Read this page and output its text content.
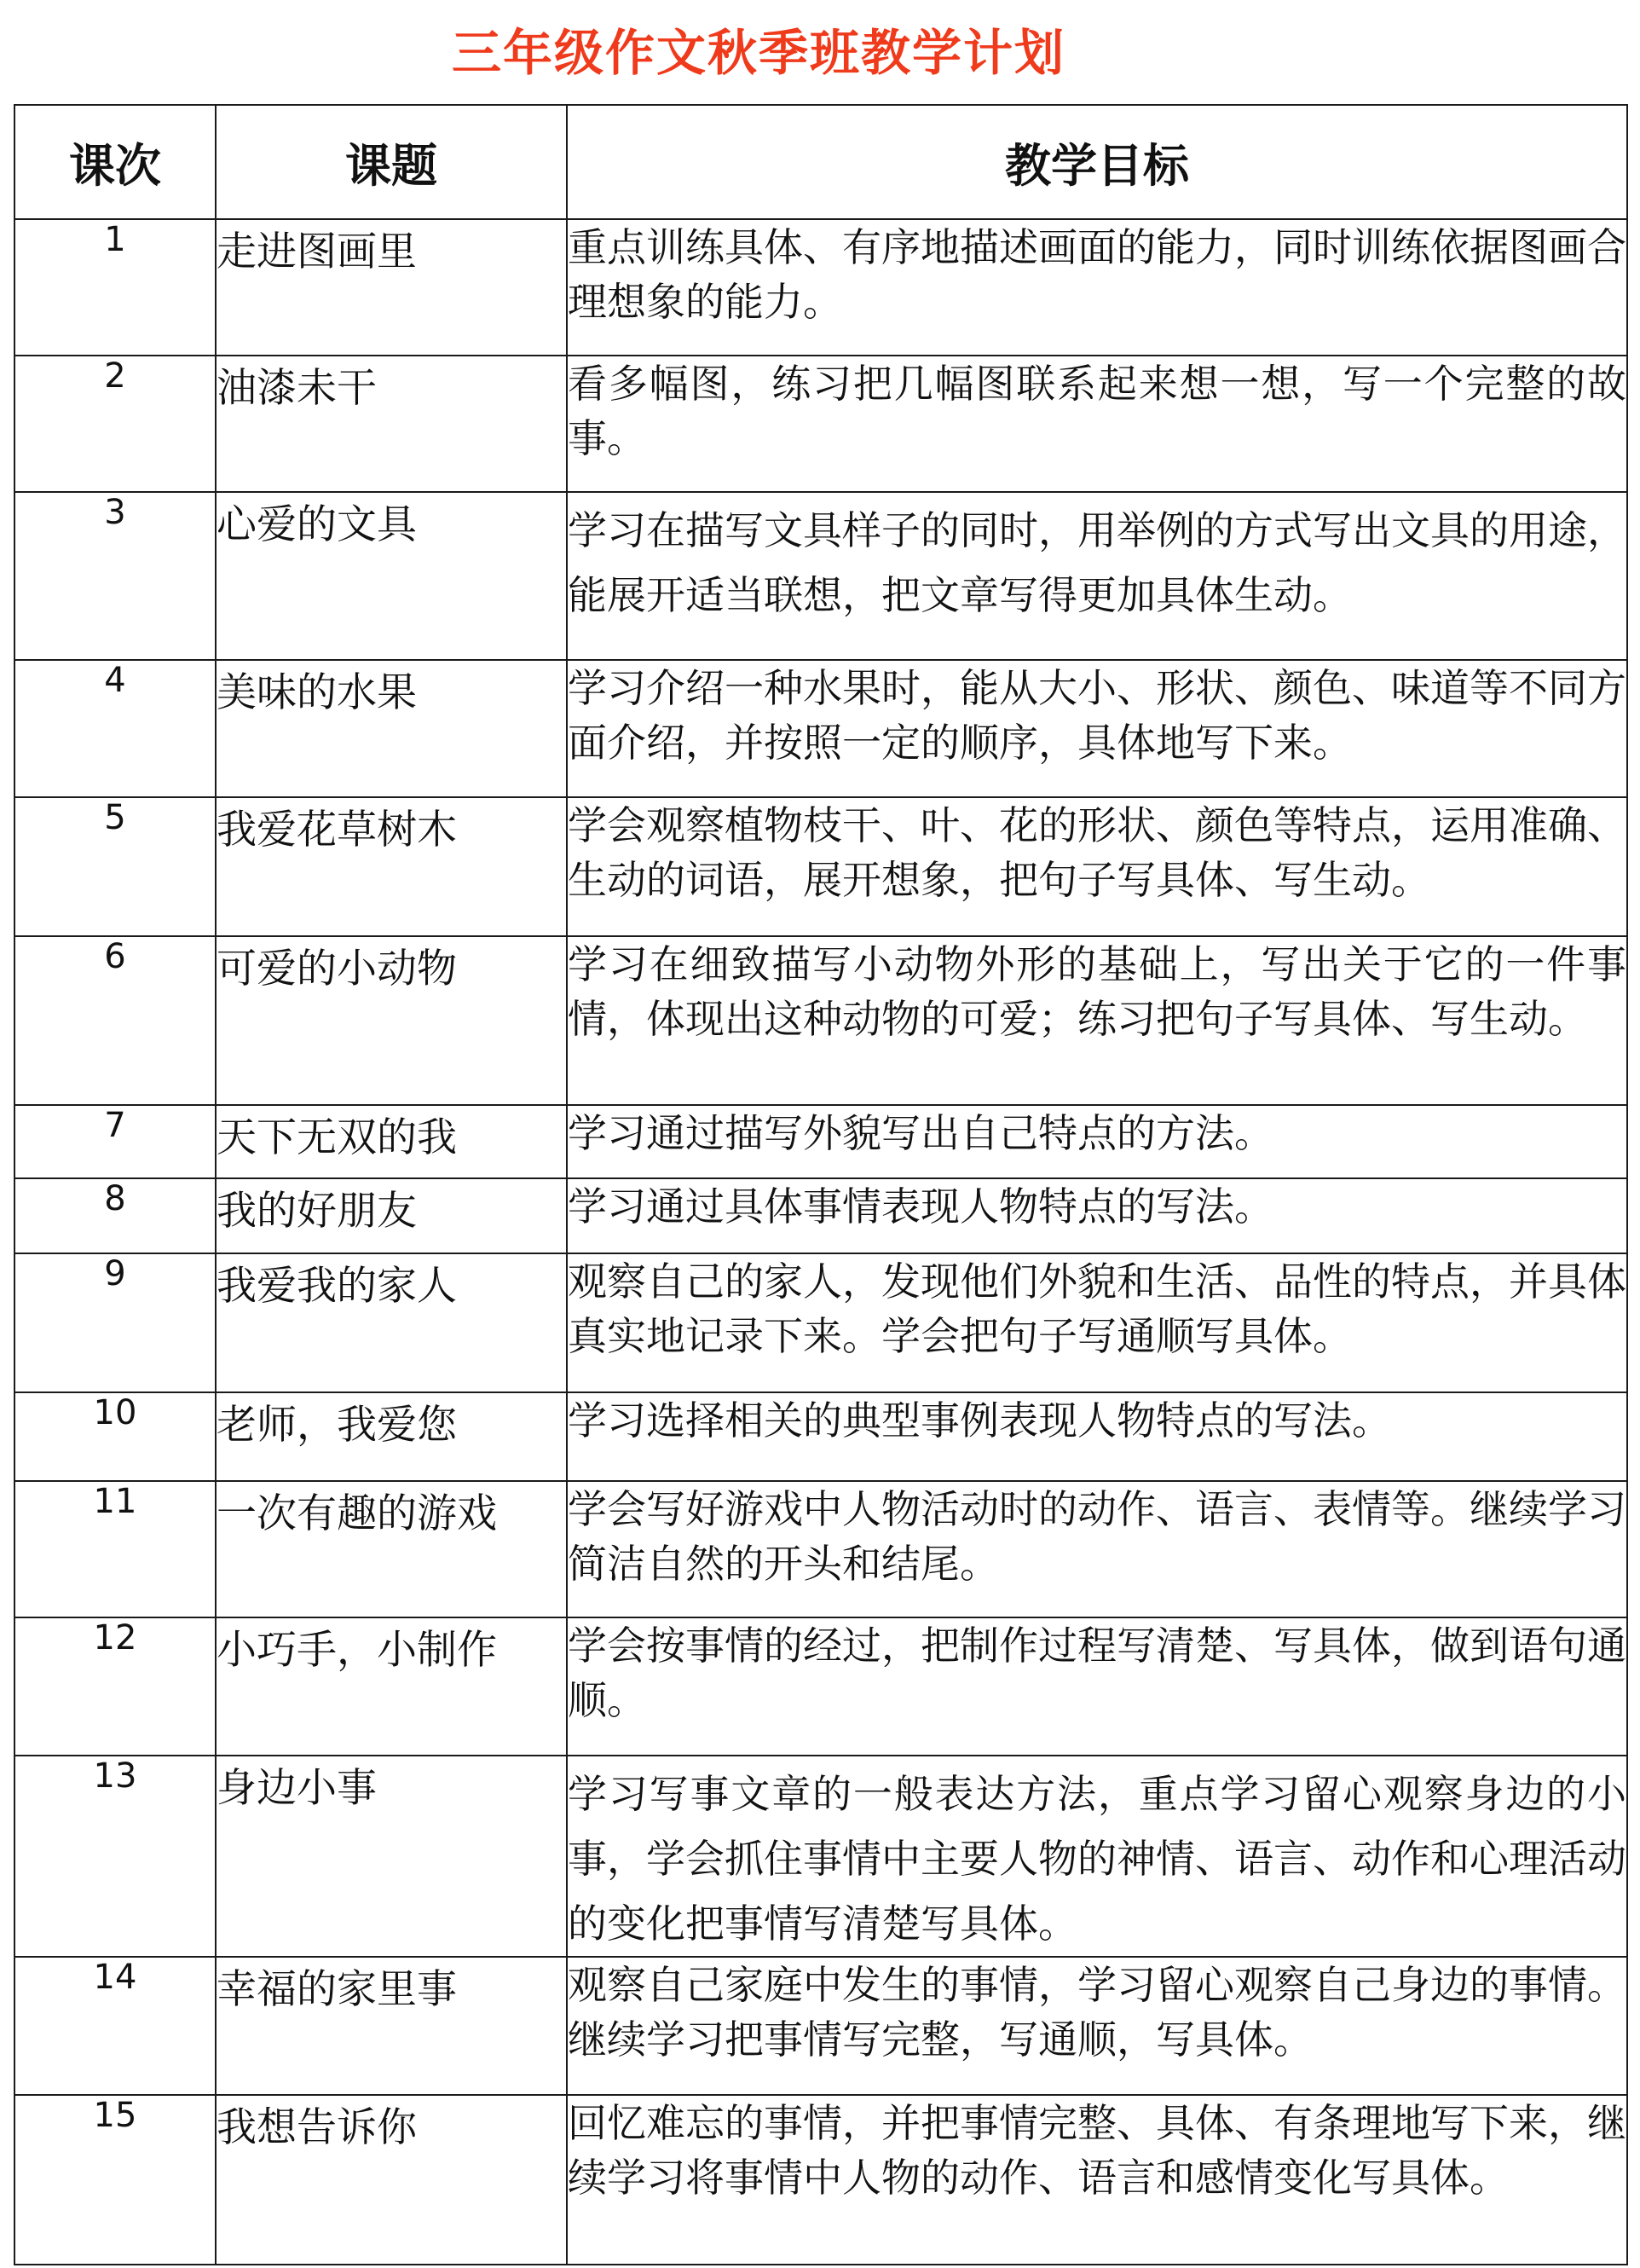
三年级作文秋季班教学计划
课次	课题	教学目标
1	走进图画里	重点训练具体、有序地描述画面的能力，同时训练依据图画合理想象的能力。
2	油漆未干	看多幅图，练习把几幅图联系起来想一想，写一个完整的故事。
3	心爱的文具	学习在描写文具样子的同时，用举例的方式写出文具的用途，能展开适当联想，把文章写得更加具体生动。
4	美味的水果	学习介绍一种水果时，能从大小、形状、颜色、味道等不同方面介绍，并按照一定的顺序，具体地写下来。
5	我爱花草树木	学会观察植物枝干、叶、花的形状、颜色等特点，运用准确、生动的词语，展开想象，把句子写具体、写生动。
6	可爱的小动物	学习在细致描写小动物外形的基础上，写出关于它的一件事情，体现出这种动物的可爱；练习把句子写具体、写生动。
7	天下无双的我	学习通过描写外貌写出自己特点的方法。
8	我的好朋友	学习通过具体事情表现人物特点的写法。
9	我爱我的家人	观察自己的家人，发现他们外貌和生活、品性的特点，并具体真实地记录下来。学会把句子写通顺写具体。
10	老师，我爱您	学习选择相关的典型事例表现人物特点的写法。
11	一次有趣的游戏	学会写好游戏中人物活动时的动作、语言、表情等。继续学习简洁自然的开头和结尾。
12	小巧手，小制作	学会按事情的经过，把制作过程写清楚、写具体，做到语句通顺。
13	身边小事	学习写事文章的一般表达方法，重点学习留心观察身边的小事，学会抓住事情中主要人物的神情、语言、动作和心理活动的变化把事情写清楚写具体。
14	幸福的家里事	观察自己家庭中发生的事情，学习留心观察自己身边的事情。继续学习把事情写完整，写通顺，写具体。
15	我想告诉你	回忆难忘的事情，并把事情完整、具体、有条理地写下来，继续学习将事情中人物的动作、语言和感情变化写具体。
